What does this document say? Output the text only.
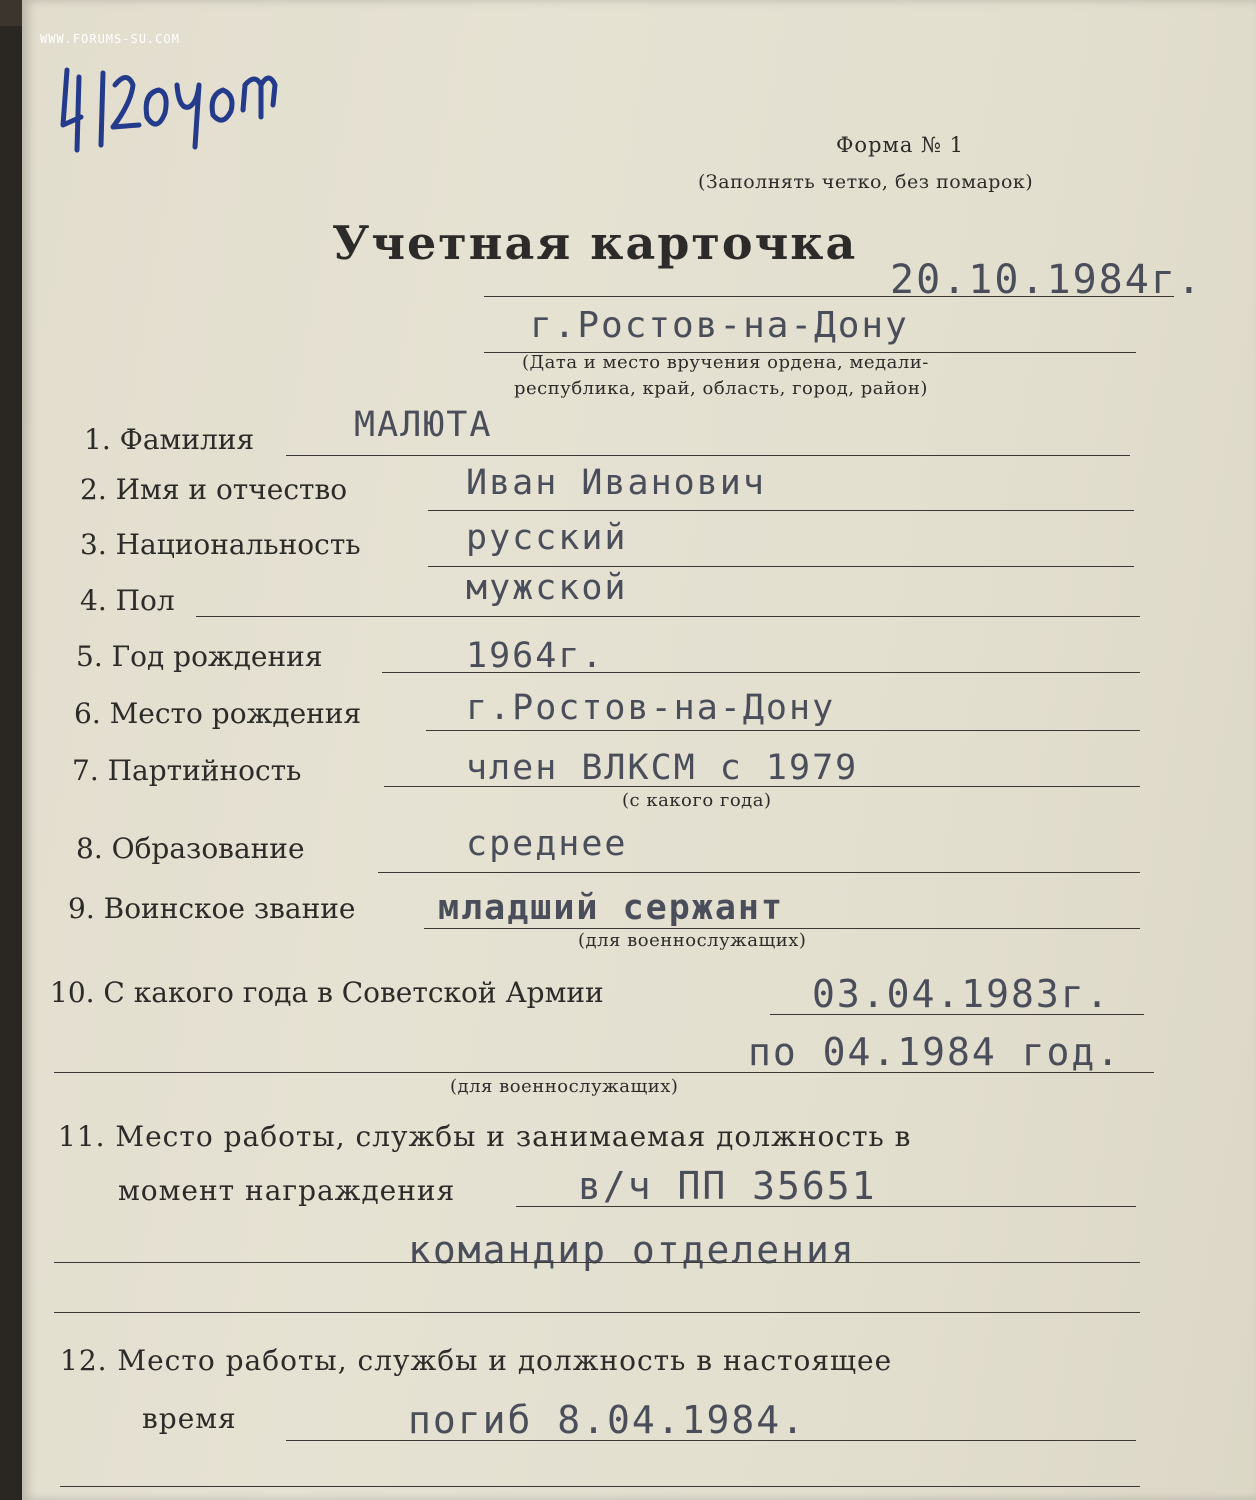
WWW.FORUMS-SU.COM
Форма № 1
(Заполнять четко, без помарок)
Учетная карточка
20.10.1984г.
г.Ростов-на-Дону
(Дата и место вручения ордена, медали-
республика, край, область, город, район)
1. Фамилия	МАЛЮТА
2. Имя и отчество	Иван Иванович
3. Национальность	русский
4. Пол	мужской
5. Год рождения	1964г.
6. Место рождения	г.Ростов-на-Дону
7. Партийность	член ВЛКСМ с 1979
(с какого года)
8. Образование	среднее
9. Воинское звание младший сержант
(для военнослужащих)
10. С какого года в Советской Армии	03.04.1983г.
по 04.1984 год.
(для военнослужащих)
11. Место работы, службы и занимаемая должность в
момент награждения	в/ч ПП 35651
командир отделения
12. Место работы, службы и должность в настоящее
время	погиб 8.04.1984.
